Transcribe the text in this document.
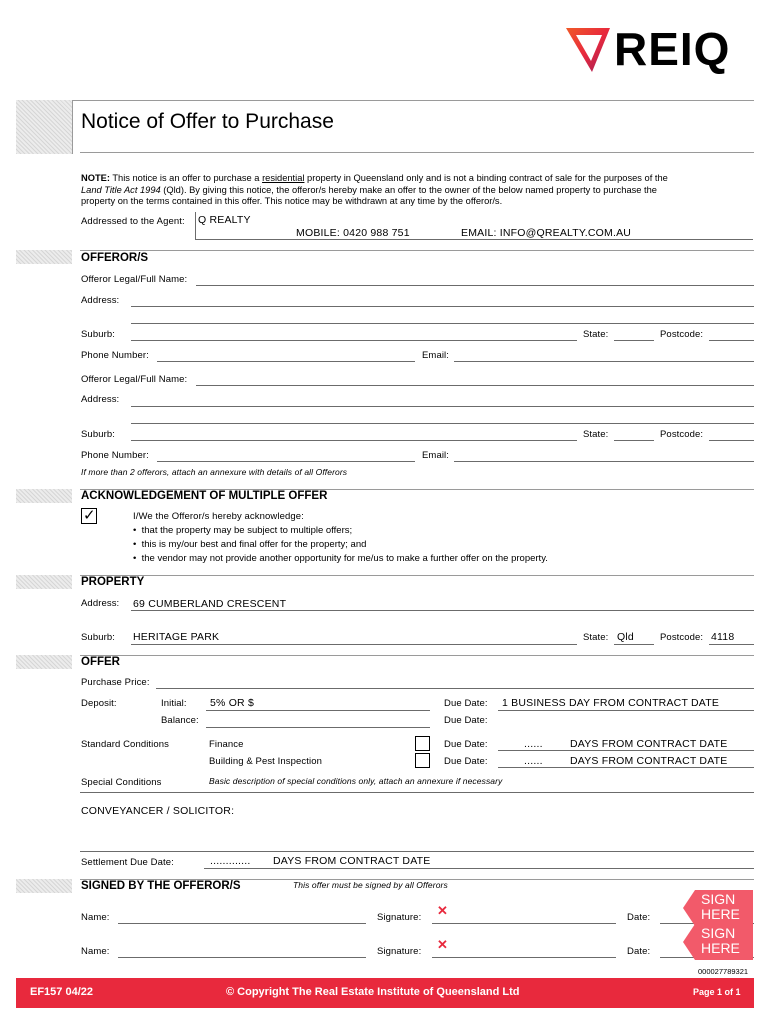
REIQ
Notice of Offer to Purchase
NOTE: This notice is an offer to purchase a residential property in Queensland only and is not a binding contract of sale for the purposes of the
Land Title Act 1994 (Qld). By giving this notice, the offeror/s hereby make an offer to the owner of the below named property to purchase the
property on the terms contained in this offer. This notice may be withdrawn at any time by the offeror/s.
Addressed to the Agent: Q REALTY
MOBILE: 0420 988 751	EMAIL: INFO@QREALTY.COM.AU
OFFEROR/S
Offeror Legal/Full Name:
Address:
Suburb:	State:	Postcode:
Phone Number:	Email:
Offeror Legal/Full Name:
Address:
Suburb:	State:	Postcode:
Phone Number:	Email:
If more than 2 offerors, attach an annexure with details of all Offerors
ACKNOWLEDGEMENT OF MULTIPLE OFFER
✓	I/We the Offeror/s hereby acknowledge:
•  that the property may be subject to multiple offers;
•  this is my/our best and final offer for the property; and
•  the vendor may not provide another opportunity for me/us to make a further offer on the property.
PROPERTY
Address: 69 CUMBERLAND CRESCENT
Suburb: HERITAGE PARK	State: Qld	Postcode: 4118
OFFER
Purchase Price:
Deposit:	Initial: 5% OR $	Due Date: 1 BUSINESS DAY FROM CONTRACT DATE
Balance:	Due Date:
Standard Conditions	Finance	Due Date:	......	DAYS FROM CONTRACT DATE
Building & Pest Inspection	Due Date:	......	DAYS FROM CONTRACT DATE
Special Conditions	Basic description of special conditions only, attach an annexure if necessary
CONVEYANCER / SOLICITOR:
Settlement Due Date:	............. DAYS FROM CONTRACT DATE
SIGNED BY THE OFFEROR/S	This offer must be signed by all Offerors
Name:	Signature: ✕	Date:
SIGN
HERE
Name:	Signature: ✕	Date:
SIGN
HERE
000027789321
EF157 04/22	© Copyright The Real Estate Institute of Queensland Ltd	Page 1 of 1
